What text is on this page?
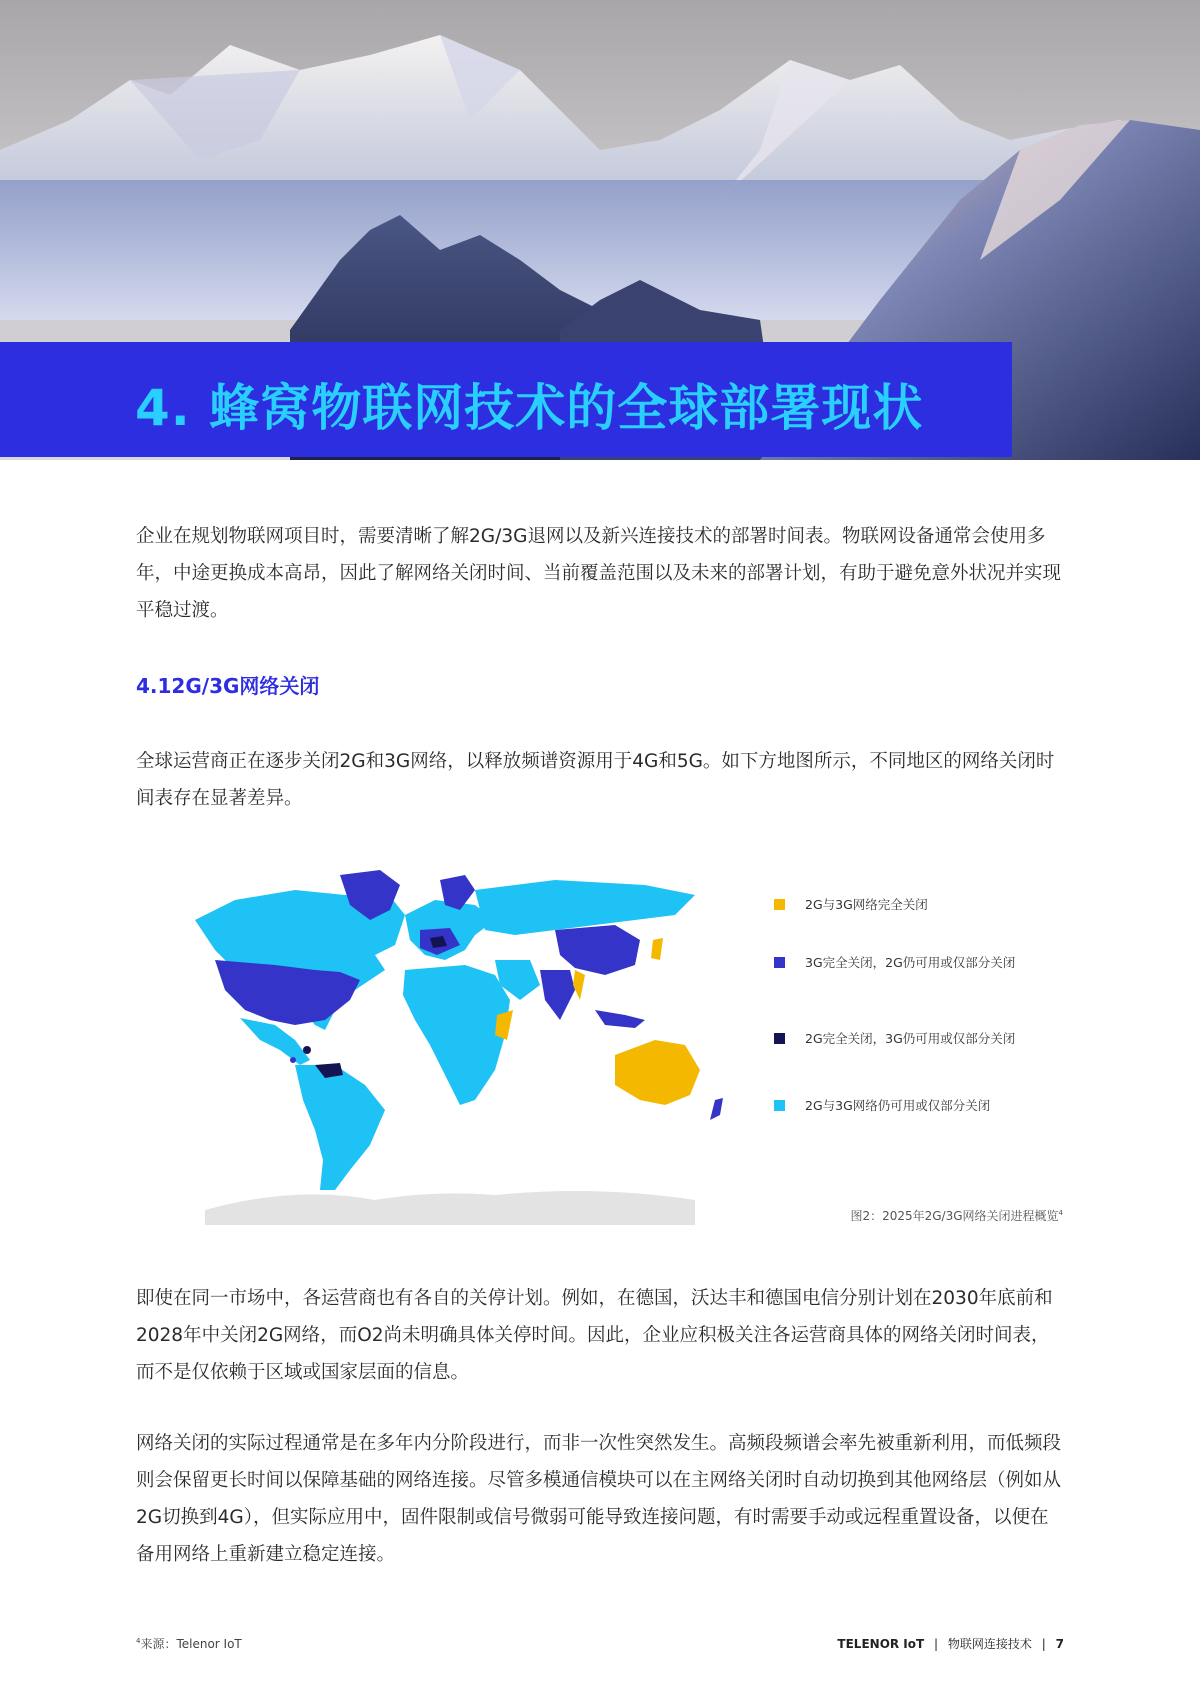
4. 蜂窝物联网技术的全球部署现状

企业在规划物联网项目时，需要清晰了解2G/3G退网以及新兴连接技术的部署时间表。物联网设备通常会使用多年，中途更换成本高昂，因此了解网络关闭时间、当前覆盖范围以及未来的部署计划，有助于避免意外状况并实现平稳过渡。

4.12G/3G网络关闭

全球运营商正在逐步关闭2G和3G网络，以释放频谱资源用于4G和5G。如下方地图所示，不同地区的网络关闭时间表存在显著差异。

2G与3G网络完全关闭
3G完全关闭，2G仍可用或仅部分关闭
2G完全关闭，3G仍可用或仅部分关闭
2G与3G网络仍可用或仅部分关闭
图2：2025年2G/3G网络关闭进程概览$^4$

即使在同一市场中，各运营商也有各自的关停计划。例如，在德国，沃达丰和德国电信分别计划在2030年底前和2028年中关闭2G网络，而O2尚未明确具体关停时间。因此，企业应积极关注各运营商具体的网络关闭时间表，而不是仅依赖于区域或国家层面的信息。

网络关闭的实际过程通常是在多年内分阶段进行，而非一次性突然发生。高频段频谱会率先被重新利用，而低频段则会保留更长时间以保障基础的网络连接。尽管多模通信模块可以在主网络关闭时自动切换到其他网络层（例如从2G切换到4G），但实际应用中，固件限制或信号微弱可能导致连接问题，有时需要手动或远程重置设备，以便在备用网络上重新建立稳定连接。

$^4$来源：Telenor IoT	TELENOR IoT | 物联网连接技术 | 7
